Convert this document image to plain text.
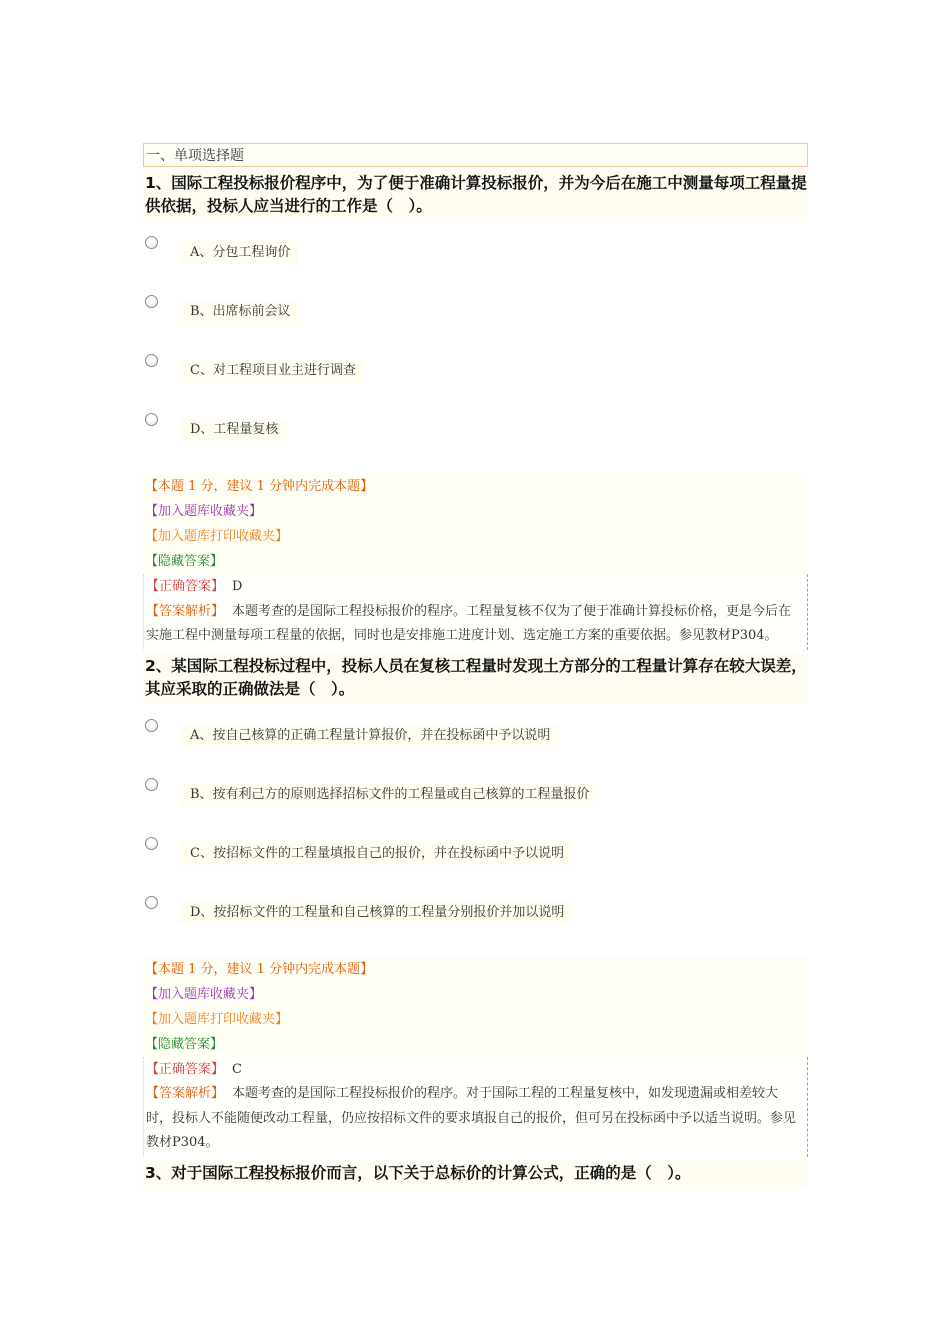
一、单项选择题
1、国际工程投标报价程序中，为了便于准确计算投标报价，并为今后在施工中测量每项工程量提供依据，投标人应当进行的工作是（　）。
A、分包工程询价
B、出席标前会议
C、对工程项目业主进行调查
D、工程量复核
【本题 1 分，建议 1 分钟内完成本题】
【加入题库收藏夹】
【加入题库打印收藏夹】
【隐藏答案】
【正确答案】 D
【答案解析】 本题考查的是国际工程投标报价的程序。工程量复核不仅为了便于准确计算投标价格，更是今后在实施工程中测量每项工程量的依据，同时也是安排施工进度计划、选定施工方案的重要依据。参见教材P304。
2、某国际工程投标过程中，投标人员在复核工程量时发现土方部分的工程量计算存在较大误差，其应采取的正确做法是（　）。
A、按自己核算的正确工程量计算报价，并在投标函中予以说明
B、按有利己方的原则选择招标文件的工程量或自己核算的工程量报价
C、按招标文件的工程量填报自己的报价，并在投标函中予以说明
D、按招标文件的工程量和自己核算的工程量分别报价并加以说明
【本题 1 分，建议 1 分钟内完成本题】
【加入题库收藏夹】
【加入题库打印收藏夹】
【隐藏答案】
【正确答案】 C
【答案解析】 本题考查的是国际工程投标报价的程序。对于国际工程的工程量复核中，如发现遗漏或相差较大时，投标人不能随便改动工程量，仍应按招标文件的要求填报自己的报价，但可另在投标函中予以适当说明。参见教材P304。
3、对于国际工程投标报价而言，以下关于总标价的计算公式，正确的是（　）。
